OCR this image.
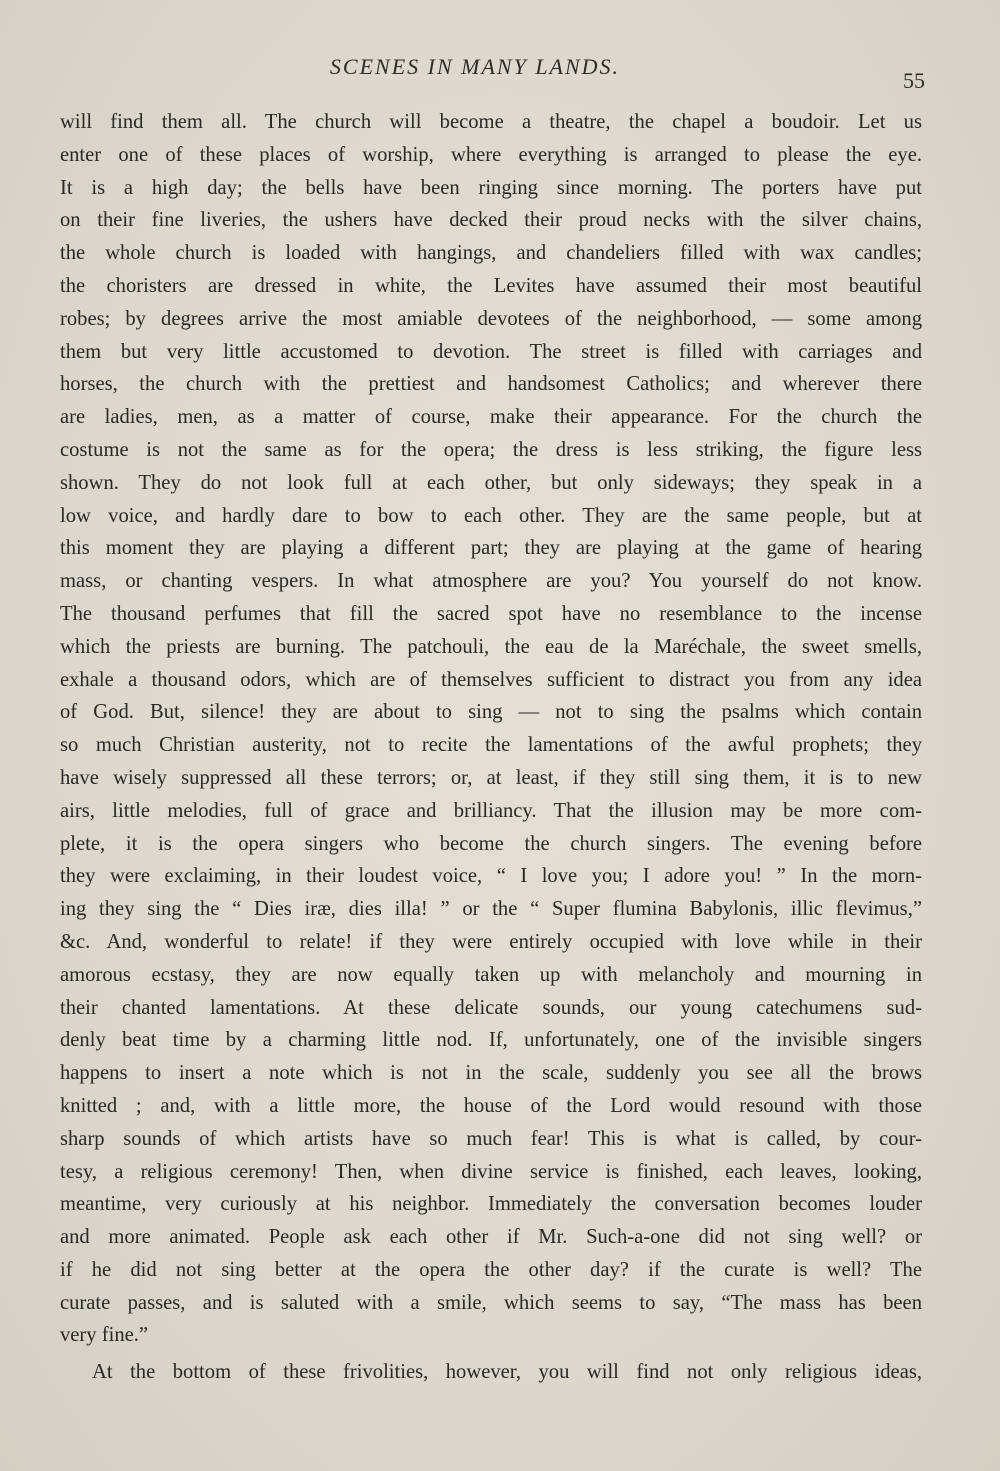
SCENES IN MANY LANDS.
55
will find them all. The church will become a theatre, the chapel a boudoir. Let us
enter one of these places of worship, where everything is arranged to please the eye.
It is a high day; the bells have been ringing since morning. The porters have put
on their fine liveries, the ushers have decked their proud necks with the silver chains,
the whole church is loaded with hangings, and chandeliers filled with wax candles;
the choristers are dressed in white, the Levites have assumed their most beautiful
robes; by degrees arrive the most amiable devotees of the neighborhood, — some among
them but very little accustomed to devotion. The street is filled with carriages and
horses, the church with the prettiest and handsomest Catholics; and wherever there
are ladies, men, as a matter of course, make their appearance. For the church the
costume is not the same as for the opera; the dress is less striking, the figure less
shown. They do not look full at each other, but only sideways; they speak in a
low voice, and hardly dare to bow to each other. They are the same people, but at
this moment they are playing a different part; they are playing at the game of hearing
mass, or chanting vespers. In what atmosphere are you? You yourself do not know.
The thousand perfumes that fill the sacred spot have no resemblance to the incense
which the priests are burning. The patchouli, the eau de la Maréchale, the sweet smells,
exhale a thousand odors, which are of themselves sufficient to distract you from any idea
of God. But, silence! they are about to sing — not to sing the psalms which contain
so much Christian austerity, not to recite the lamentations of the awful prophets; they
have wisely suppressed all these terrors; or, at least, if they still sing them, it is to new
airs, little melodies, full of grace and brilliancy. That the illusion may be more com-
plete, it is the opera singers who become the church singers. The evening before
they were exclaiming, in their loudest voice, “ I love you; I adore you! ” In the morn-
ing they sing the “ Dies iræ, dies illa! ” or the “ Super flumina Babylonis, illic flevimus,”
&c. And, wonderful to relate! if they were entirely occupied with love while in their
amorous ecstasy, they are now equally taken up with melancholy and mourning in
their chanted lamentations. At these delicate sounds, our young catechumens sud-
denly beat time by a charming little nod. If, unfortunately, one of the invisible singers
happens to insert a note which is not in the scale, suddenly you see all the brows
knitted ; and, with a little more, the house of the Lord would resound with those
sharp sounds of which artists have so much fear! This is what is called, by cour-
tesy, a religious ceremony! Then, when divine service is finished, each leaves, looking,
meantime, very curiously at his neighbor. Immediately the conversation becomes louder
and more animated. People ask each other if Mr. Such-a-one did not sing well? or
if he did not sing better at the opera the other day? if the curate is well? The
curate passes, and is saluted with a smile, which seems to say, “The mass has been
very fine.”
At the bottom of these frivolities, however, you will find not only religious ideas,
